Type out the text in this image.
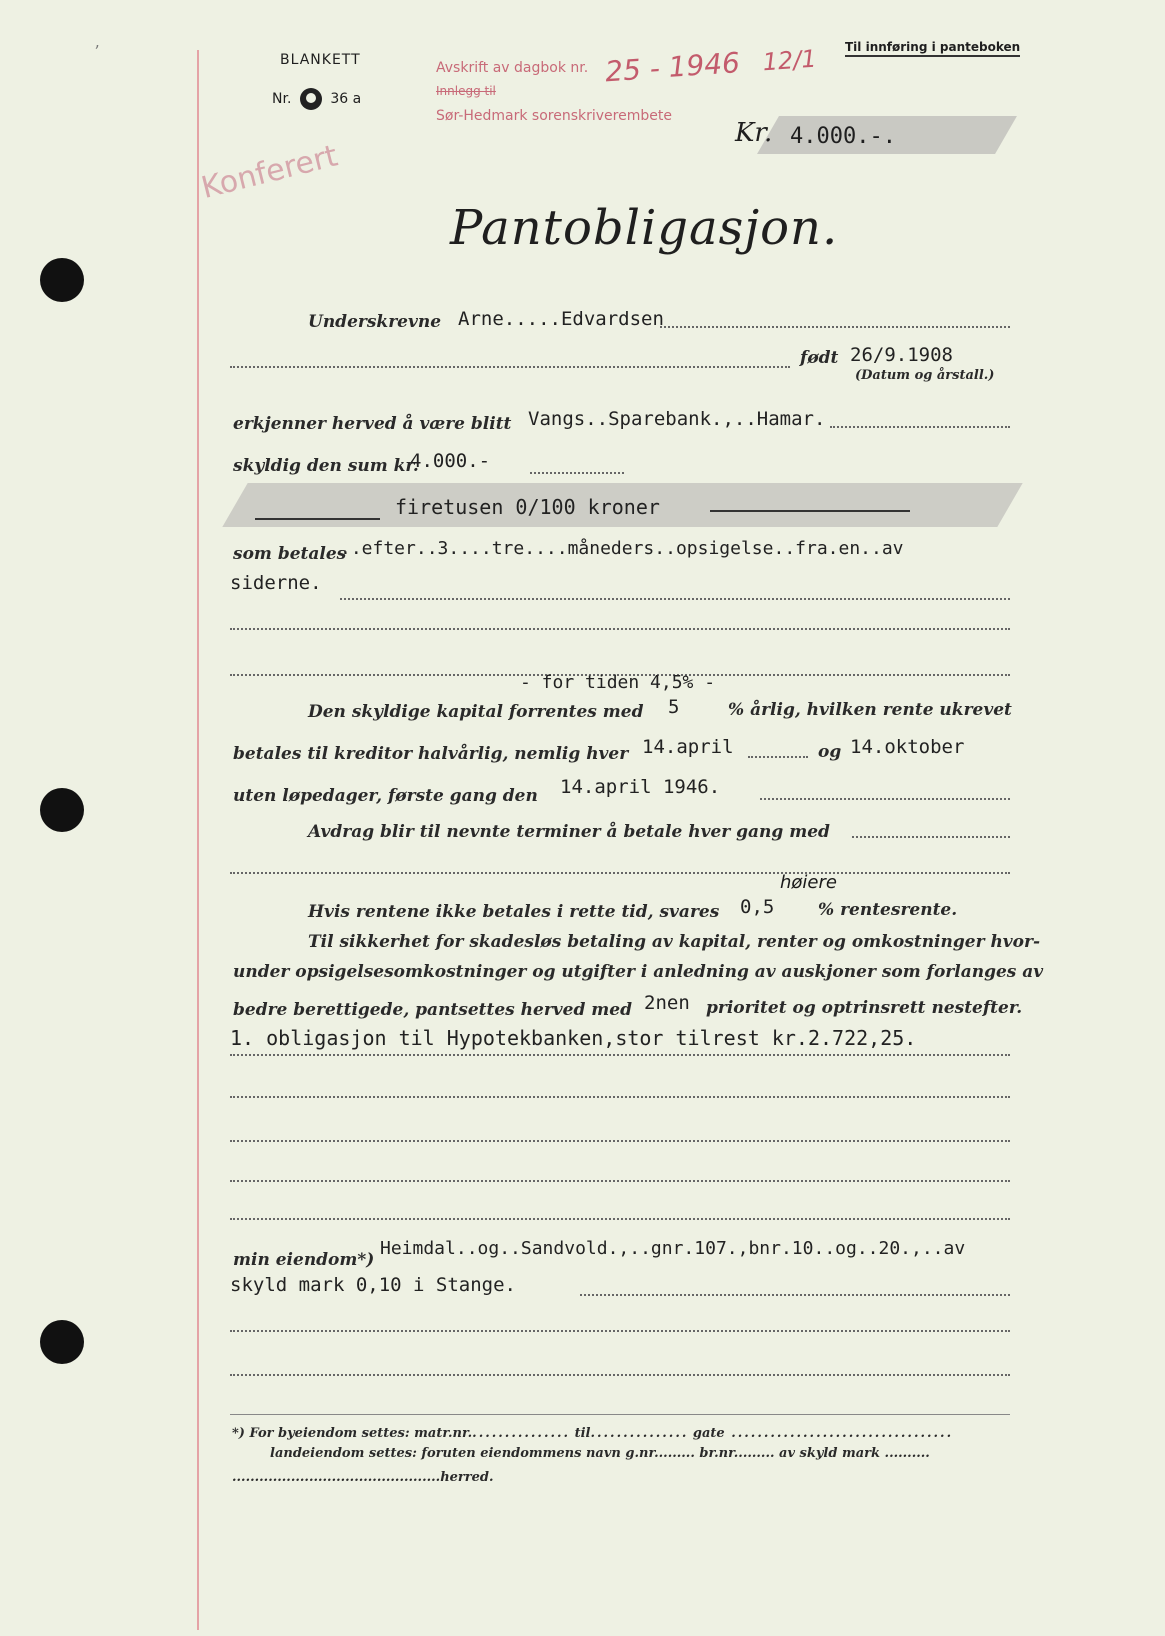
ʼ	BLANKETT
Nr.	36 a
Avskrift av dagbok nr.
Innlegg til
Sør-Hedmark sorenskriverembete
25 - 1946 12/1 Til innføring i panteboken
Kr. 4.000.-.
Konferert
Pantobligasjon.
Underskrevne Arne.....Edvardsen
født 26/9.1908
(Datum og årstall.)
erkjenner herved å være blitt Vangs..Sparebank.,..Hamar.
skyldig den sum kr.
4.000.-
firetusen 0/100 kroner
som betales
..efter..3....tre....måneders..opsigelse..fra.en..av
siderne.
- for tiden 4,5% -
Den skyldige kapital forrentes med 5	% årlig, hvilken rente ukrevet
betales til kreditor halvårlig, nemlig hver 14.april	og 14.oktober
uten løpedager, første gang den 14.april 1946.
Avdrag blir til nevnte terminer å betale hver gang med
høiere
Hvis rentene ikke betales i rette tid, svares 0,5	% rentesrente.
Til sikkerhet for skadesløs betaling av kapital, renter og omkostninger hvor-
under opsigelsesomkostninger og utgifter i anledning av auskjoner som forlanges av
bedre berettigede, pantsettes herved med 2nen prioritet og optrinsrett nestefter.
1. obligasjon til Hypotekbanken,stor tilrest kr.2.722,25.
min eiendom*)
Heimdal..og..Sandvold.,..gnr.107.,bnr.10..og..20.,..av
skyld mark 0,10 i Stange.
*) For byeiendom settes: matr.nr................ til............... gate ..................................
landeiendom settes: foruten eiendommens navn g.nr......... br.nr......... av skyld mark ..........
..............................................herred.
